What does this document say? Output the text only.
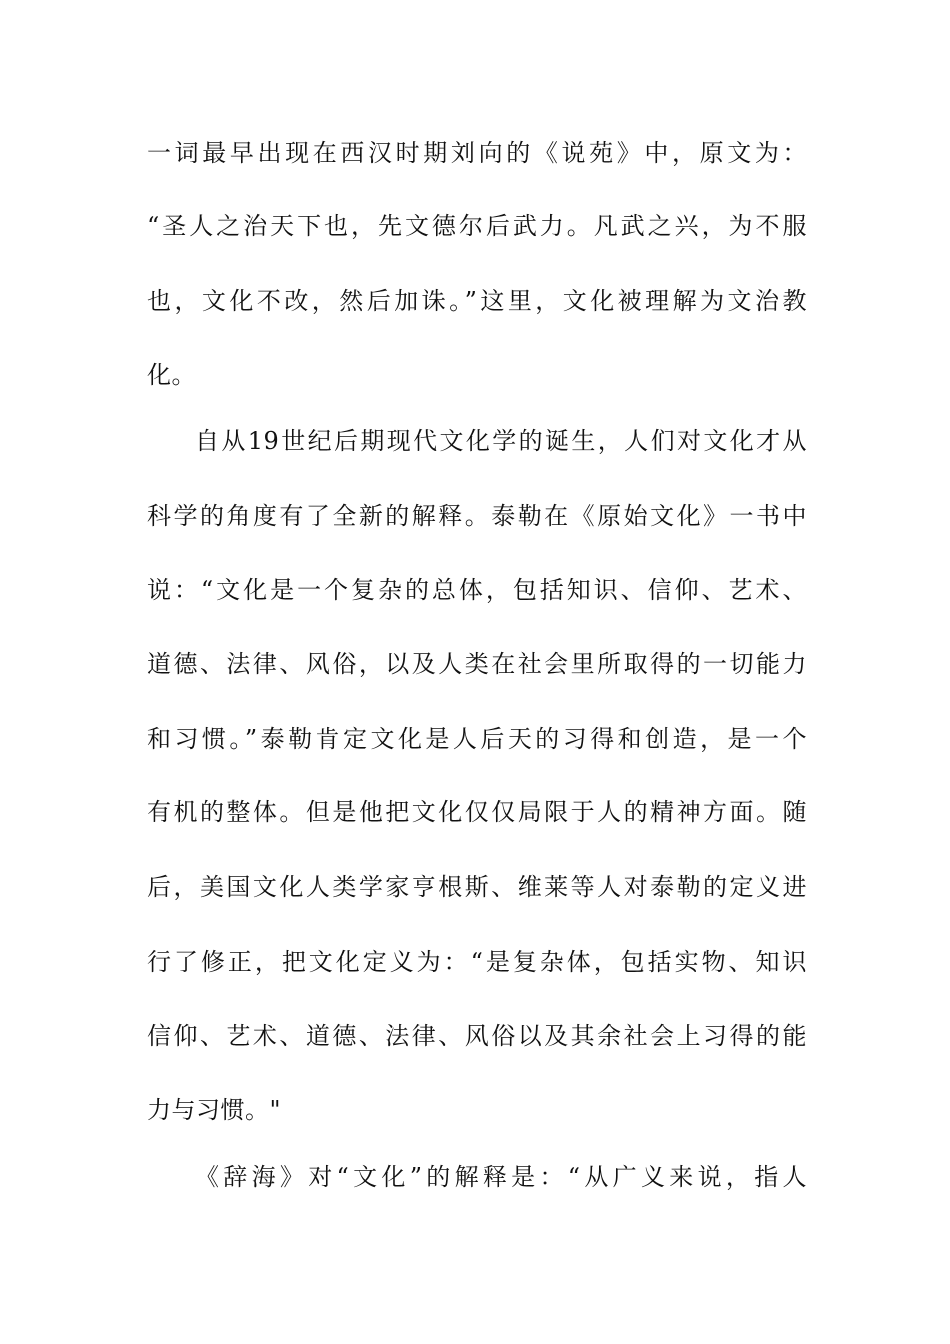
一词最早出现在西汉时期刘向的《说苑》中，原文为：
“圣人之治天下也，先文德尔后武力。凡武之兴，为不服
也，文化不改，然后加诛。”这里，文化被理解为文治教
化。
自从19世纪后期现代文化学的诞生，人们对文化才从
科学的角度有了全新的解释。泰勒在《原始文化》一书中
说：“文化是一个复杂的总体，包括知识、信仰、艺术、
道德、法律、风俗，以及人类在社会里所取得的一切能力
和习惯。”泰勒肯定文化是人后天的习得和创造，是一个
有机的整体。但是他把文化仅仅局限于人的精神方面。随
后，美国文化人类学家亨根斯、维莱等人对泰勒的定义进
行了修正，把文化定义为：“是复杂体，包括实物、知识
信仰、艺术、道德、法律、风俗以及其余社会上习得的能
力与习惯。"
《辞海》对“文化”的解释是：“从广义来说，指人
